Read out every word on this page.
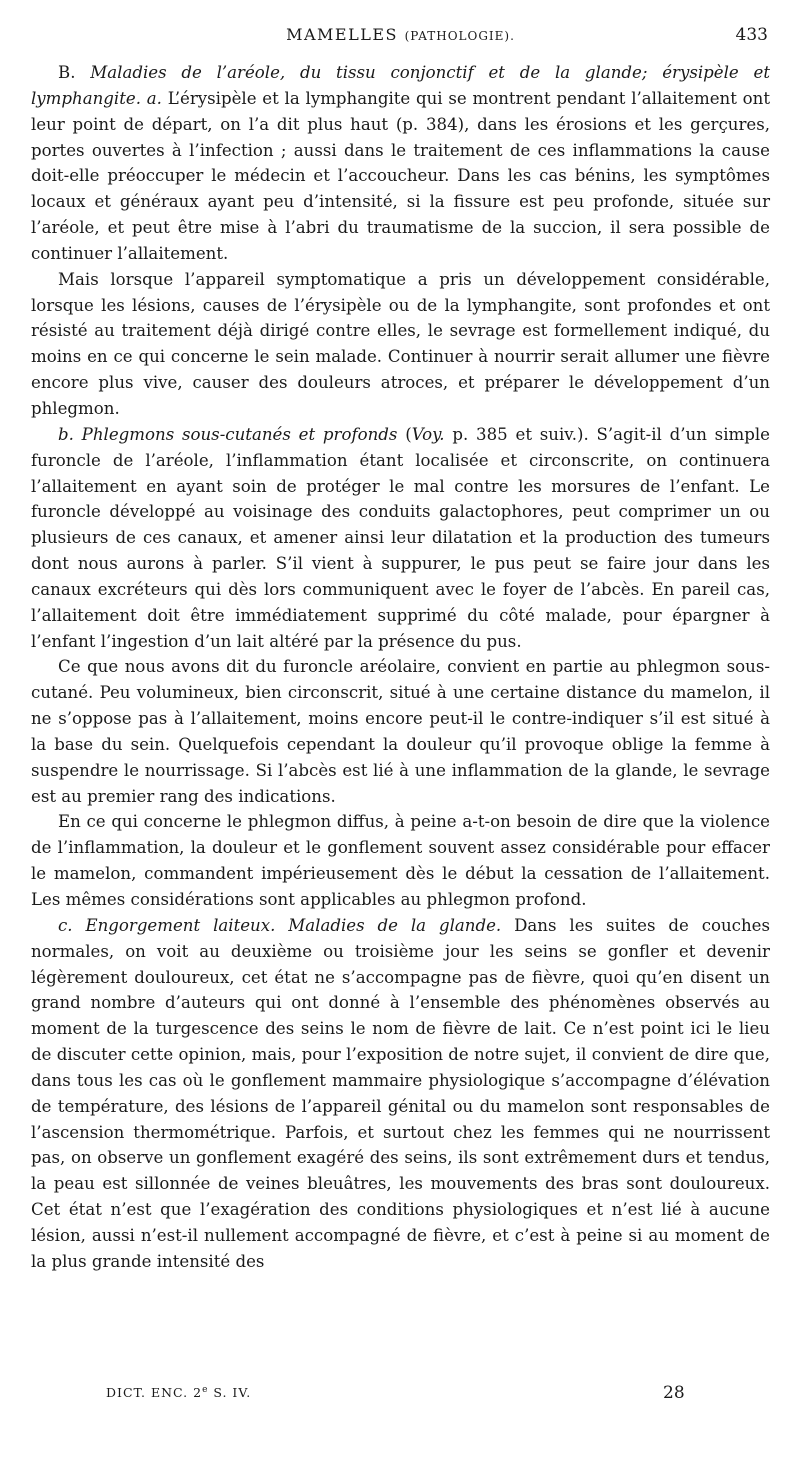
MAMELLES (PATHOLOGIE).	433

B. Maladies de l’aréole, du tissu conjonctif et de la glande; érysipèle et lymphangite. a. L’érysipèle et la lymphangite qui se montrent pendant l’allaitement ont leur point de départ, on l’a dit plus haut (p. 384), dans les érosions et les gerçures, portes ouvertes à l’infection ; aussi dans le traitement de ces inflammations la cause doit-elle préoccuper le médecin et l’accoucheur. Dans les cas bénins, les symptômes locaux et généraux ayant peu d’intensité, si la fissure est peu profonde, située sur l’aréole, et peut être mise à l’abri du traumatisme de la succion, il sera possible de continuer l’allaitement.

Mais lorsque l’appareil symptomatique a pris un développement considérable, lorsque les lésions, causes de l’érysipèle ou de la lymphangite, sont profondes et ont résisté au traitement déjà dirigé contre elles, le sevrage est formellement indiqué, du moins en ce qui concerne le sein malade. Continuer à nourrir serait allumer une fièvre encore plus vive, causer des douleurs atroces, et préparer le développement d’un phlegmon.

b. Phlegmons sous-cutanés et profonds (Voy. p. 385 et suiv.). S’agit-il d’un simple furoncle de l’aréole, l’inflammation étant localisée et circonscrite, on continuera l’allaitement en ayant soin de protéger le mal contre les morsures de l’enfant. Le furoncle développé au voisinage des conduits galactophores, peut comprimer un ou plusieurs de ces canaux, et amener ainsi leur dilatation et la production des tumeurs dont nous aurons à parler. S’il vient à suppurer, le pus peut se faire jour dans les canaux excréteurs qui dès lors communiquent avec le foyer de l’abcès. En pareil cas, l’allaitement doit être immédiatement supprimé du côté malade, pour épargner à l’enfant l’ingestion d’un lait altéré par la présence du pus.

Ce que nous avons dit du furoncle aréolaire, convient en partie au phlegmon sous-cutané. Peu volumineux, bien circonscrit, situé à une certaine distance du mamelon, il ne s’oppose pas à l’allaitement, moins encore peut-il le contre-indiquer s’il est situé à la base du sein. Quelquefois cependant la douleur qu’il provoque oblige la femme à suspendre le nourrissage. Si l’abcès est lié à une inflammation de la glande, le sevrage est au premier rang des indications.

En ce qui concerne le phlegmon diffus, à peine a-t-on besoin de dire que la violence de l’inflammation, la douleur et le gonflement souvent assez considérable pour effacer le mamelon, commandent impérieusement dès le début la cessation de l’allaitement. Les mêmes considérations sont applicables au phlegmon profond.

c. Engorgement laiteux. Maladies de la glande. Dans les suites de couches normales, on voit au deuxième ou troisième jour les seins se gonfler et devenir légèrement douloureux, cet état ne s’accompagne pas de fièvre, quoi qu’en disent un grand nombre d’auteurs qui ont donné à l’ensemble des phénomènes observés au moment de la turgescence des seins le nom de fièvre de lait. Ce n’est point ici le lieu de discuter cette opinion, mais, pour l’exposition de notre sujet, il convient de dire que, dans tous les cas où le gonflement mammaire physiologique s’accompagne d’élévation de température, des lésions de l’appareil génital ou du mamelon sont responsables de l’ascension thermométrique. Parfois, et surtout chez les femmes qui ne nourrissent pas, on observe un gonflement exagéré des seins, ils sont extrêmement durs et tendus, la peau est sillonnée de veines bleuâtres, les mouvements des bras sont douloureux. Cet état n’est que l’exagération des conditions physiologiques et n’est lié à aucune lésion, aussi n’est-il nullement accompagné de fièvre, et c’est à peine si au moment de la plus grande intensité des

DICT. ENC. 2e S. IV.	28
